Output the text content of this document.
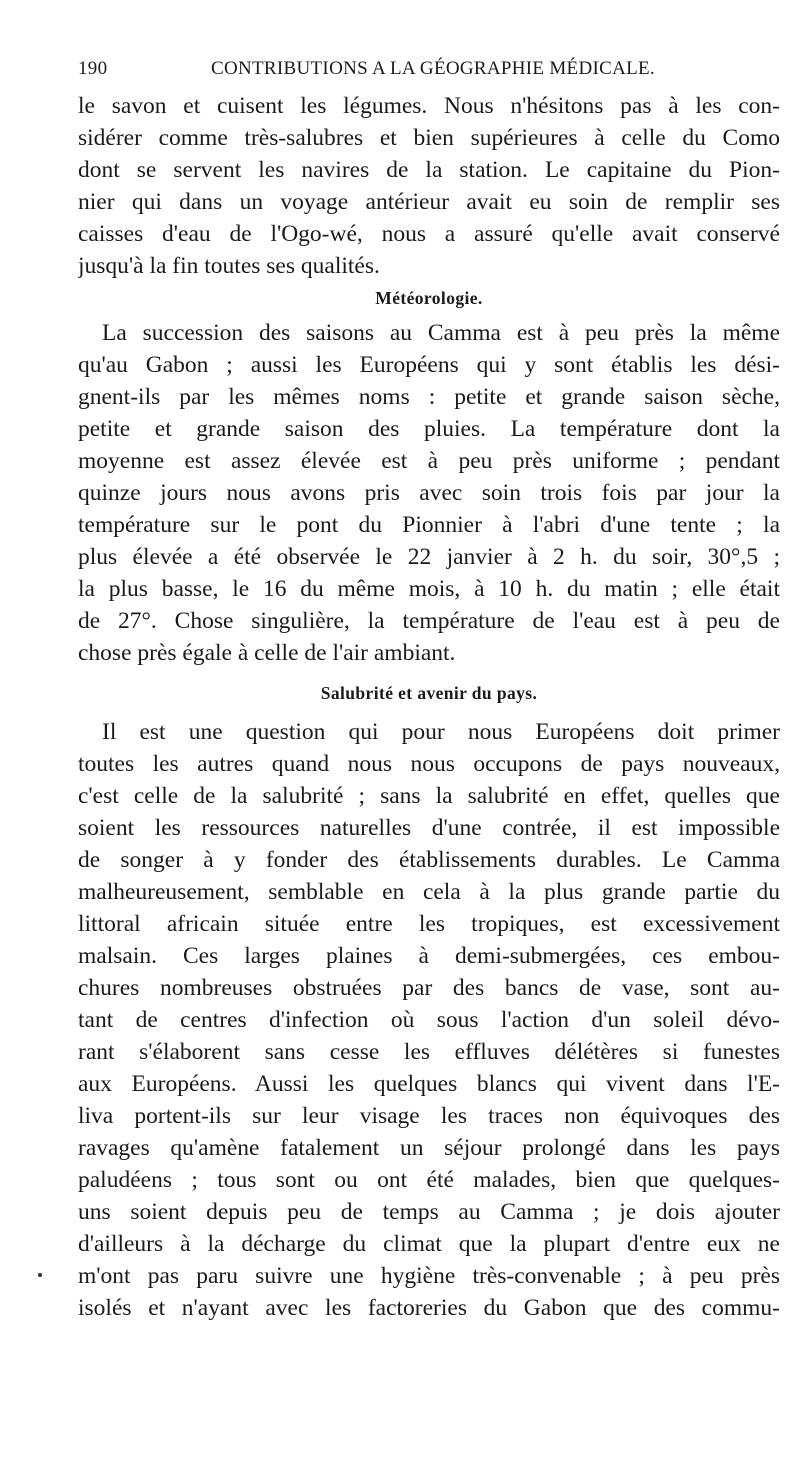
190	CONTRIBUTIONS A LA GÉOGRAPHIE MÉDICALE.

le savon et cuisent les légumes. Nous n'hésitons pas à les con-
sidérer comme très-salubres et bien supérieures à celle du Como
dont se servent les navires de la station. Le capitaine du Pion-
nier qui dans un voyage antérieur avait eu soin de remplir ses
caisses d'eau de l'Ogo-wé, nous a assuré qu'elle avait conservé
jusqu'à la fin toutes ses qualités.

Météorologie.

La succession des saisons au Camma est à peu près la même
qu'au Gabon ; aussi les Européens qui y sont établis les dési-
gnent-ils par les mêmes noms : petite et grande saison sèche,
petite et grande saison des pluies. La température dont la
moyenne est assez élevée est à peu près uniforme ; pendant
quinze jours nous avons pris avec soin trois fois par jour la
température sur le pont du Pionnier à l'abri d'une tente ; la
plus élevée a été observée le 22 janvier à 2 h. du soir, 30°,5 ;
la plus basse, le 16 du même mois, à 10 h. du matin ; elle était
de 27°. Chose singulière, la température de l'eau est à peu de
chose près égale à celle de l'air ambiant.

Salubrité et avenir du pays.

Il est une question qui pour nous Européens doit primer
toutes les autres quand nous nous occupons de pays nouveaux,
c'est celle de la salubrité ; sans la salubrité en effet, quelles que
soient les ressources naturelles d'une contrée, il est impossible
de songer à y fonder des établissements durables. Le Camma
malheureusement, semblable en cela à la plus grande partie du
littoral africain située entre les tropiques, est excessivement
malsain. Ces larges plaines à demi-submergées, ces embou-
chures nombreuses obstruées par des bancs de vase, sont au-
tant de centres d'infection où sous l'action d'un soleil dévo-
rant s'élaborent sans cesse les effluves délétères si funestes
aux Européens. Aussi les quelques blancs qui vivent dans l'E-
liva portent-ils sur leur visage les traces non équivoques des
ravages qu'amène fatalement un séjour prolongé dans les pays
paludéens ; tous sont ou ont été malades, bien que quelques-
uns soient depuis peu de temps au Camma ; je dois ajouter
d'ailleurs à la décharge du climat que la plupart d'entre eux ne
m'ont pas paru suivre une hygiène très-convenable ; à peu près
isolés et n'ayant avec les factoreries du Gabon que des commu-
